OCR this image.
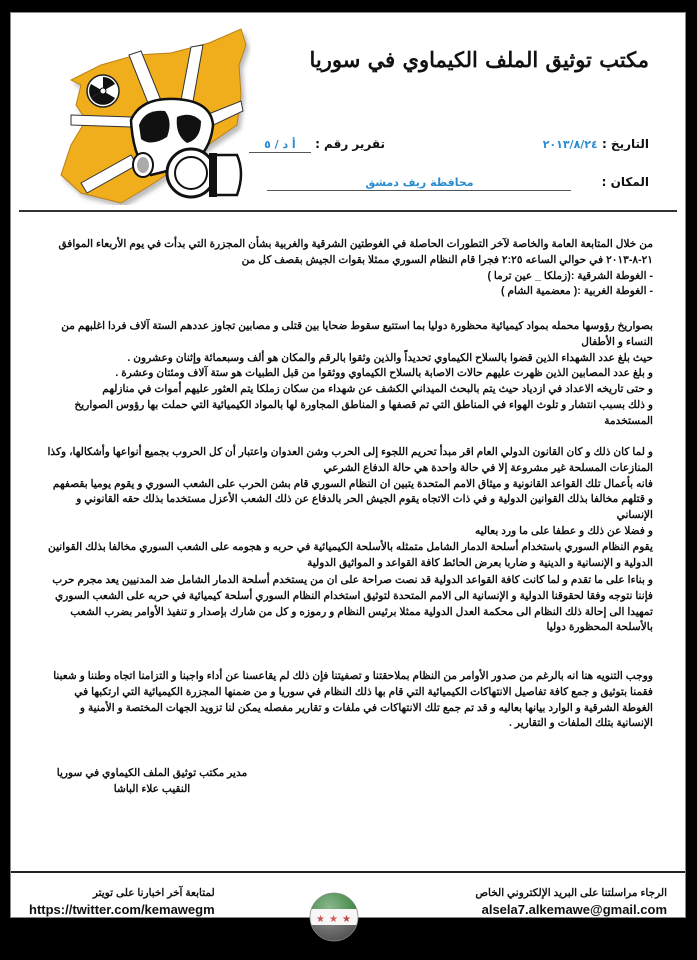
مكتب توثيق الملف الكيماوي في سوريا
التاريخ : ٢٠١٣/٨/٢٤
تقرير رقم : أ د / ٥
المكان : محافظة ريف دمشق

من خلال المتابعة العامة والخاصة لآخر التطورات الحاصلة في الغوطتين الشرقية والغربية بشأن المجزرة التي بدأت في يوم الأربعاء الموافق ٢١-٨-٢٠١٣ في حوالي الساعه ٢:٢٥ فجرا قام النظام السوري ممثلا بقوات الجيش بقصف كل من

- الغوطة الشرقية :(زملكا _ عين ترما )

- الغوطة الغربية :( معضمية الشام )

بصواريخ رؤوسها محمله بمواد كيميائية محظورة دوليا بما استتبع سقوط ضحايا بين قتلى و مصابين تجاوز عددهم الستة آلاف فردا اغلبهم من النساء و الأطفال

حيث بلغ عدد الشهداء الذين قضوا بالسلاح الكيماوي تحديداً والذين وثقوا بالرقم والمكان هو ألف وسبعمائة وإثنان وعشرون .

و بلغ عدد المصابين الذين ظهرت عليهم حالات الاصابة بالسلاح الكيماوي ووثقوا من قبل الطبيات هو ستة آلاف ومئتان وعشرة .

و حتى تاريخه الاعداد في ازدياد حيث يتم بالبحث الميداني الكشف عن شهداء من سكان زملكا يتم العثور عليهم أموات في منازلهم

و ذلك بسبب انتشار و تلوث الهواء في المناطق التي تم قصفها و المناطق المجاورة لها بالمواد الكيميائية التي حملت بها رؤوس الصواريخ المستخدمة

و لما كان ذلك و كان القانون الدولي العام اقر مبدأ تحريم اللجوء إلى الحرب وشن العدوان واعتبار أن كل الحروب بجميع أنواعها وأشكالها، وكذا المنازعات المسلحة غير مشروعة إلا في حالة واحدة هي حالة الدفاع الشرعي

فانه بأعمال تلك القواعد القانونية و ميثاق الامم المتحدة يتبين ان النظام السوري قام بشن الحرب على الشعب السوري و يقوم يوميا بقصفهم و قتلهم مخالفا بذلك القوانين الدولية و في ذات الاتجاه يقوم الجيش الحر بالدفاع عن ذلك الشعب الأعزل مستخدما بذلك حقه القانوني و الإنساني

و فضلا عن ذلك و عطفا على ما ورد بعاليه

يقوم النظام السوري باستخدام أسلحة الدمار الشامل متمثله بالأسلحة الكيميائية في حربه و هجومه على الشعب السوري مخالفا بذلك القوانين الدولية و الإنسانية و الدينية و ضاربا بعرض الحائط كافة القواعد و المواثيق الدولية

و بناءا على ما تقدم و لما كانت كافة القواعد الدولية قد نصت صراحة على ان من يستخدم أسلحة الدمار الشامل ضد المدنيين يعد مجرم حرب

فإننا نتوجه وفقا لحقوقنا الدولية و الإنسانية الى الامم المتحدة لتوثيق استخدام النظام السوري أسلحة كيميائية في حربه على الشعب السوري تمهيدا الى إحالة ذلك النظام الى محكمة العدل الدولية ممثلا برئيس النظام و رموزه و كل من شارك بإصدار و تنفيذ الأوامر بضرب الشعب بالأسلحة المحظورة دوليا

ووجب التنويه هنا انه بالرغم من صدور الأوامر من النظام بملاحقتنا و تصفيتنا فإن ذلك لم يقاعسنا عن أداء واجبنا و التزامنا اتجاه وطننا و شعبنا فقمنا بتوثيق و جمع كافة تفاصيل الانتهاكات الكيميائية التي قام بها ذلك النظام في سوريا و من ضمنها المجزرة الكيميائية التي ارتكبها في الغوطة الشرقية و الوارد بيانها بعاليه و قد تم جمع تلك الانتهاكات في ملفات و تقارير مفصله يمكن لنا تزويد الجهات المختصة و الأمنية و الإنسانية بتلك الملفات و التقارير .

مدير مكتب توثيق الملف الكيماوي في سوريا
النقيب علاء الباشا
لمتابعة آخر اخبارنا على تويتر
https://twitter.com/kemawegm
الرجاء مراسلتنا على البريد الإلكتروني الخاص
alsela7.alkemawe@gmail.com
